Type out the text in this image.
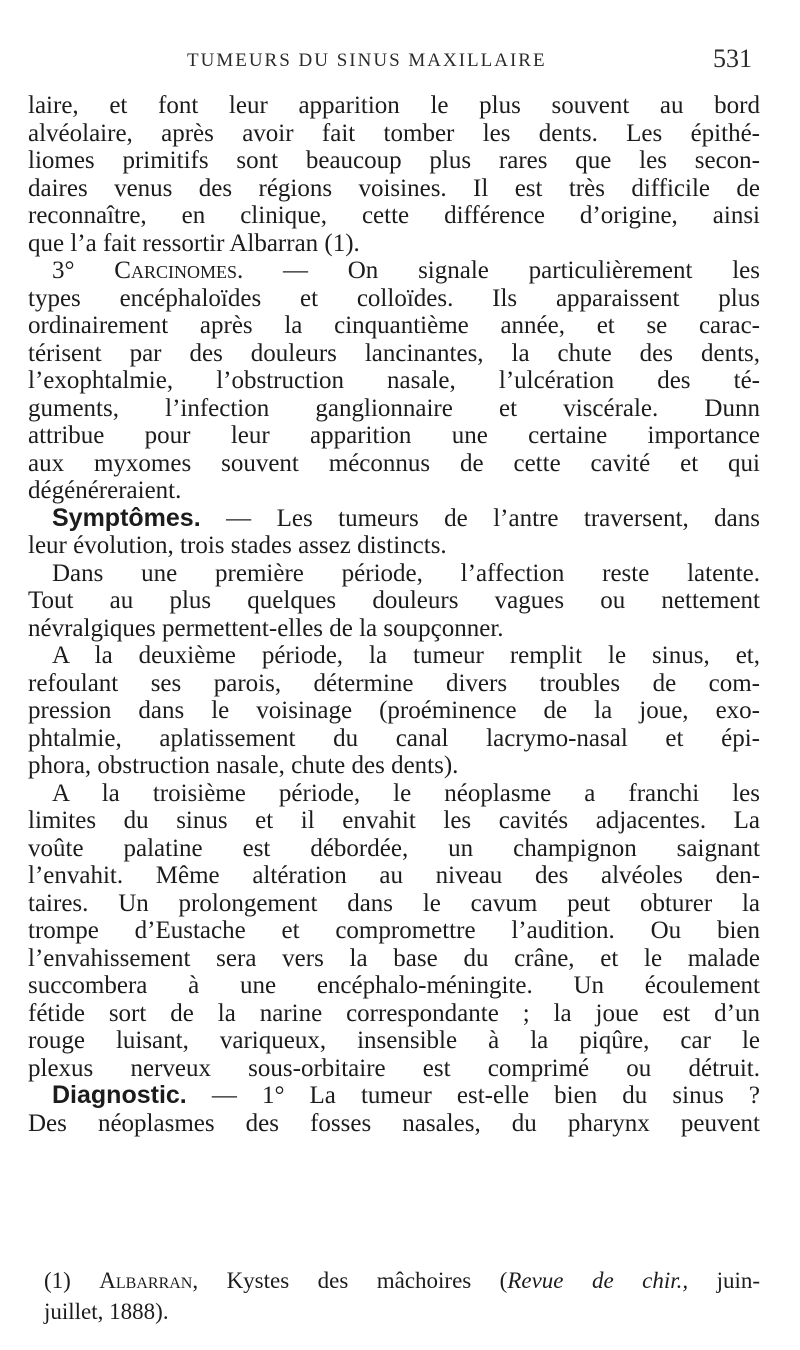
TUMEURS DU SINUS MAXILLAIRE	531
laire, et font leur apparition le plus souvent au bord
alvéolaire, après avoir fait tomber les dents. Les épithé-
liomes primitifs sont beaucoup plus rares que les secon-
daires venus des régions voisines. Il est très difficile de
reconnaître, en clinique, cette différence d’origine, ainsi
que l’a fait ressortir Albarran (1).
3° Carcinomes. — On signale particulièrement les
types encéphaloïdes et colloïdes. Ils apparaissent plus
ordinairement après la cinquantième année, et se carac-
térisent par des douleurs lancinantes, la chute des dents,
l’exophtalmie, l’obstruction nasale, l’ulcération des té-
guments, l’infection ganglionnaire et viscérale. Dunn
attribue pour leur apparition une certaine importance
aux myxomes souvent méconnus de cette cavité et qui
dégénéreraient.
Symptômes. — Les tumeurs de l’antre traversent, dans
leur évolution, trois stades assez distincts.
Dans une première période, l’affection reste latente.
Tout au plus quelques douleurs vagues ou nettement
névralgiques permettent-elles de la soupçonner.
A la deuxième période, la tumeur remplit le sinus, et,
refoulant ses parois, détermine divers troubles de com-
pression dans le voisinage (proéminence de la joue, exo-
phtalmie, aplatissement du canal lacrymo-nasal et épi-
phora, obstruction nasale, chute des dents).
A la troisième période, le néoplasme a franchi les
limites du sinus et il envahit les cavités adjacentes. La
voûte palatine est débordée, un champignon saignant
l’envahit. Même altération au niveau des alvéoles den-
taires. Un prolongement dans le cavum peut obturer la
trompe d’Eustache et compromettre l’audition. Ou bien
l’envahissement sera vers la base du crâne, et le malade
succombera à une encéphalo-méningite. Un écoulement
fétide sort de la narine correspondante ; la joue est d’un
rouge luisant, variqueux, insensible à la piqûre, car le
plexus nerveux sous-orbitaire est comprimé ou détruit.
Diagnostic. — 1° La tumeur est-elle bien du sinus ?
Des néoplasmes des fosses nasales, du pharynx peuvent
(1) Albarran, Kystes des mâchoires (Revue de chir., juin-
juillet, 1888).
